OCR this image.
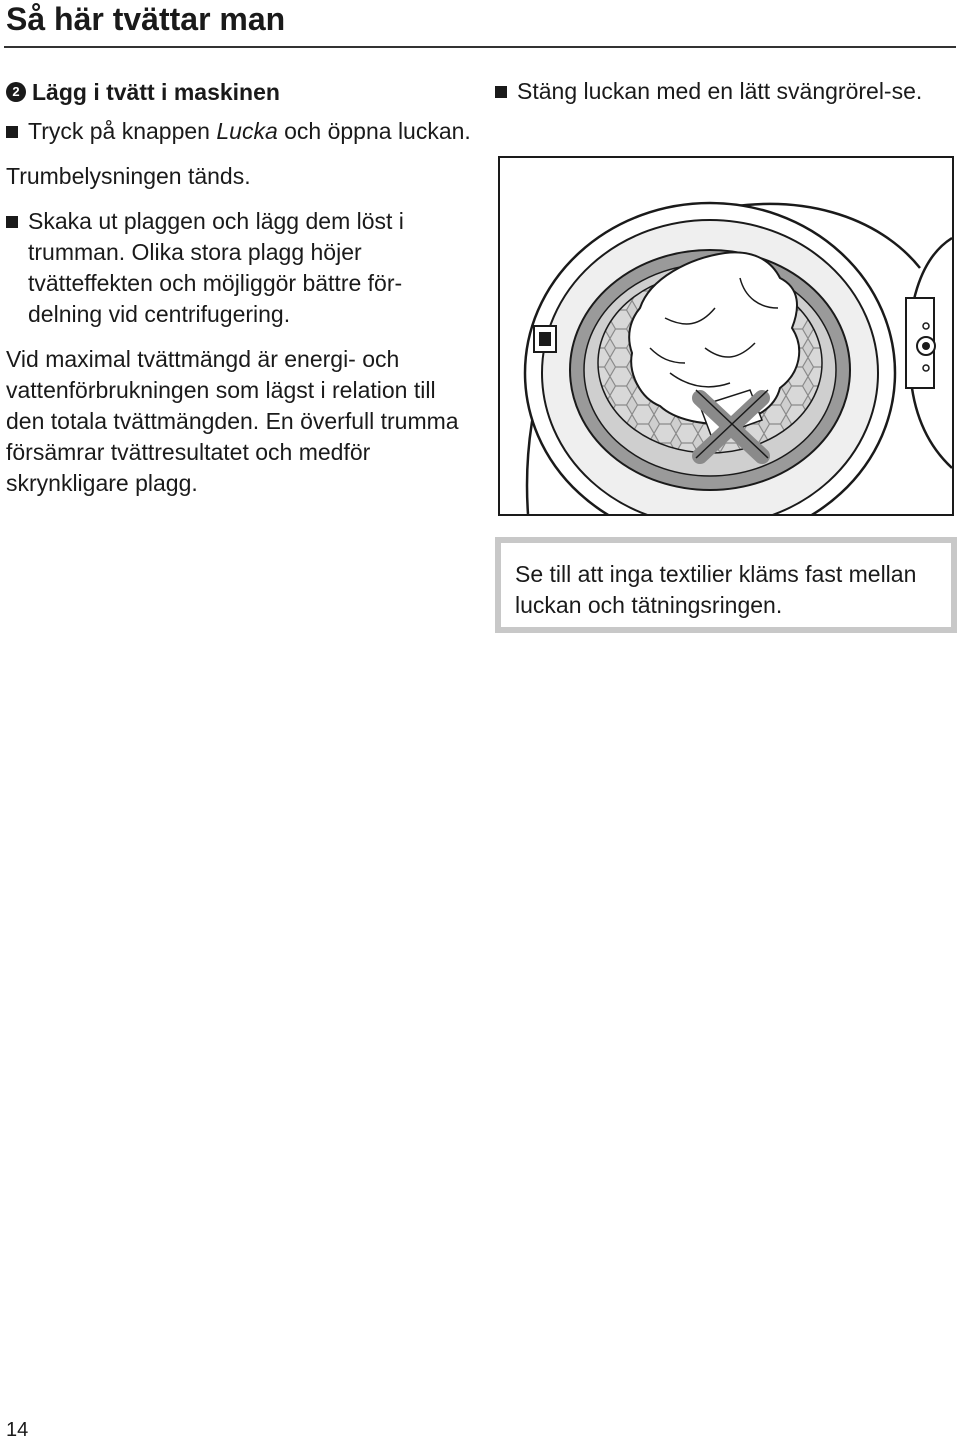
Så här tvättar man
2 Lägg i tvätt i maskinen

Tryck på knappen Lucka och öppna luckan.

Trumbelysningen tänds.

Skaka ut plaggen och lägg dem löst i trumman. Olika stora plagg höjer tvätteffekten och möjliggör bättre för-delning vid centrifugering.

Vid maximal tvättmängd är energi- och vattenförbrukningen som lägst i relation till den totala tvättmängden. En överfull trumma försämrar tvättresultatet och medför skrynkligare plagg.

Stäng luckan med en lätt svängrörel-se.

Se till att inga textilier kläms fast mellan luckan och tätningsringen.

14
